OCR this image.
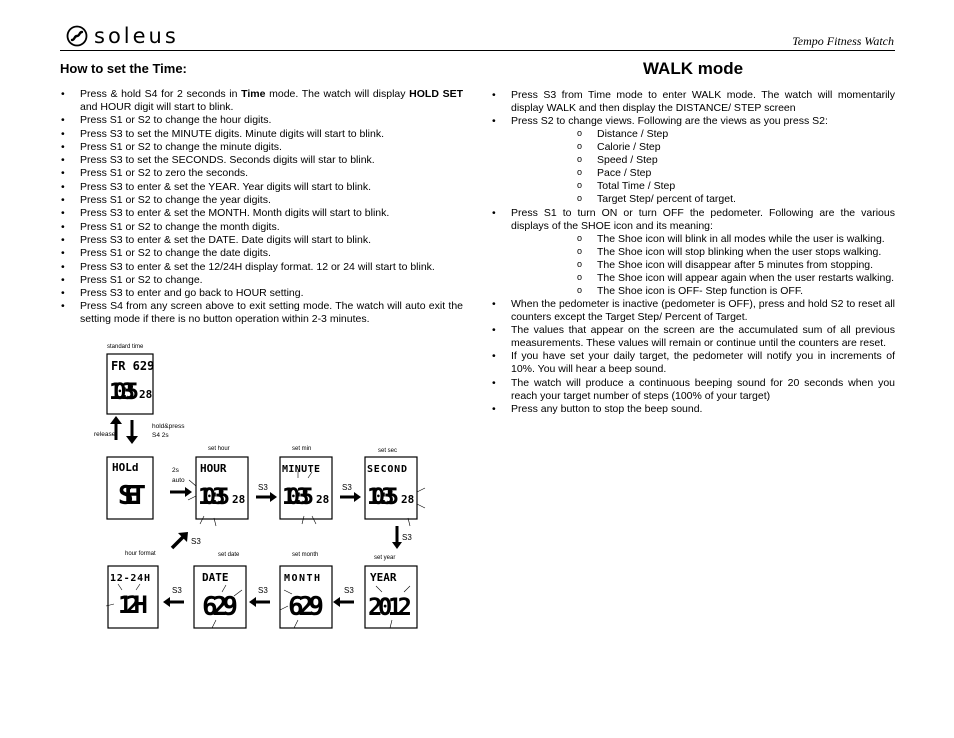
soleus	Tempo Fitness Watch
How to set the Time:
• Press & hold S4 for 2 seconds in Time mode. The watch will display HOLD SET and HOUR digit will start to blink.
• Press S1 or S2 to change the hour digits.
• Press S3 to set the MINUTE digits. Minute digits will start to blink.
• Press S1 or S2 to change the minute digits.
• Press S3 to set the SECONDS. Seconds digits will star to blink.
• Press S1 or S2 to zero the seconds.
• Press S3 to enter & set the YEAR. Year digits will start to blink.
• Press S1 or S2 to change the year digits.
• Press S3 to enter & set the MONTH. Month digits will start to blink.
• Press S1 or S2 to change the month digits.
• Press S3 to enter & set the DATE. Date digits will start to blink.
• Press S1 or S2 to change the date digits.
• Press S3 to enter & set the 12/24H display format. 12 or 24 will start to blink.
• Press S1 or S2 to change.
• Press S3 to enter and go back to HOUR setting.
• Press S4 from any screen above to exit setting mode. The watch will auto exit the setting mode if there is no button operation within 2-3 minutes.
standard time
FR 629
10:35 28
hold&press
S4 2s
release
set hour	set min	set sec
HOLd
SET
2s
auto
HOUR
10:35 28
S3
MINUTE
10:35 28
S3
SECOND
10:35 28
S3	S3
hour format	set date	set month	set year
12-24H
12H
S3
DATE
629
S3
MONTH
629
S3
YEAR
2012
WALK mode
• Press S3 from Time mode to enter WALK mode. The watch will momentarily display WALK and then display the DISTANCE/ STEP screen
• Press S2 to change views. Following are the views as you press S2:
o Distance / Step
o Calorie / Step
o Speed / Step
o Pace / Step
o Total Time / Step
o Target Step/ percent of target.
• Press S1 to turn ON or turn OFF the pedometer. Following are the various displays of the SHOE icon and its meaning:
o The Shoe icon will blink in all modes while the user is walking.
o The Shoe icon will stop blinking when the user stops walking.
o The Shoe icon will disappear after 5 minutes from stopping.
o The Shoe icon will appear again when the user restarts walking.
o The Shoe icon is OFF- Step function is OFF.
• When the pedometer is inactive (pedometer is OFF), press and hold S2 to reset all counters except the Target Step/ Percent of Target.
• The values that appear on the screen are the accumulated sum of all previous measurements. These values will remain or continue until the counters are reset.
• If you have set your daily target, the pedometer will notify you in increments of 10%. You will hear a beep sound.
• The watch will produce a continuous beeping sound for 20 seconds when you reach your target number of steps (100% of your target)
• Press any button to stop the beep sound.
